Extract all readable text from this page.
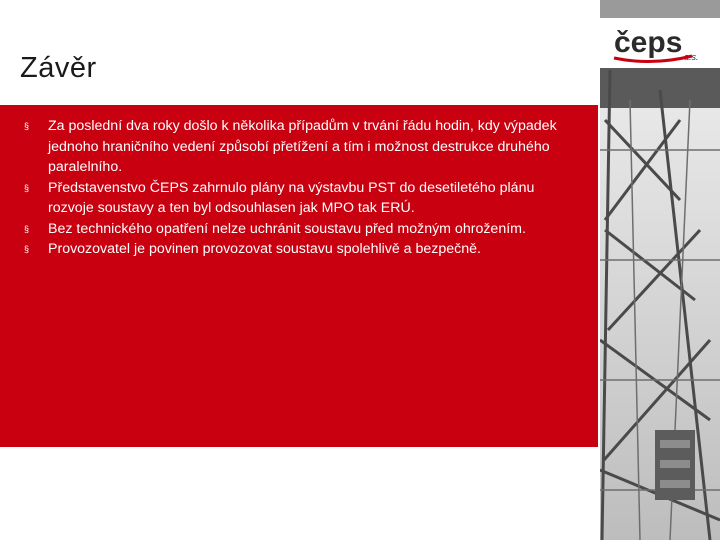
Závěr
§ Za poslední dva roky došlo k několika případům v trvání řádu hodin, kdy výpadek jednoho hraničního vedení způsobí přetížení a tím i možnost destrukce druhého paralelního.
§ Představenstvo ČEPS zahrnulo plány na výstavbu PST do desetiletého plánu rozvoje soustavy a ten byl odsouhlasen jak MPO tak ERÚ.
§ Bez technického opatření nelze uchránit soustavu před možným ohrožením.
§ Provozovatel je povinen provozovat soustavu spolehlivě a bezpečně.
čeps a.s.
